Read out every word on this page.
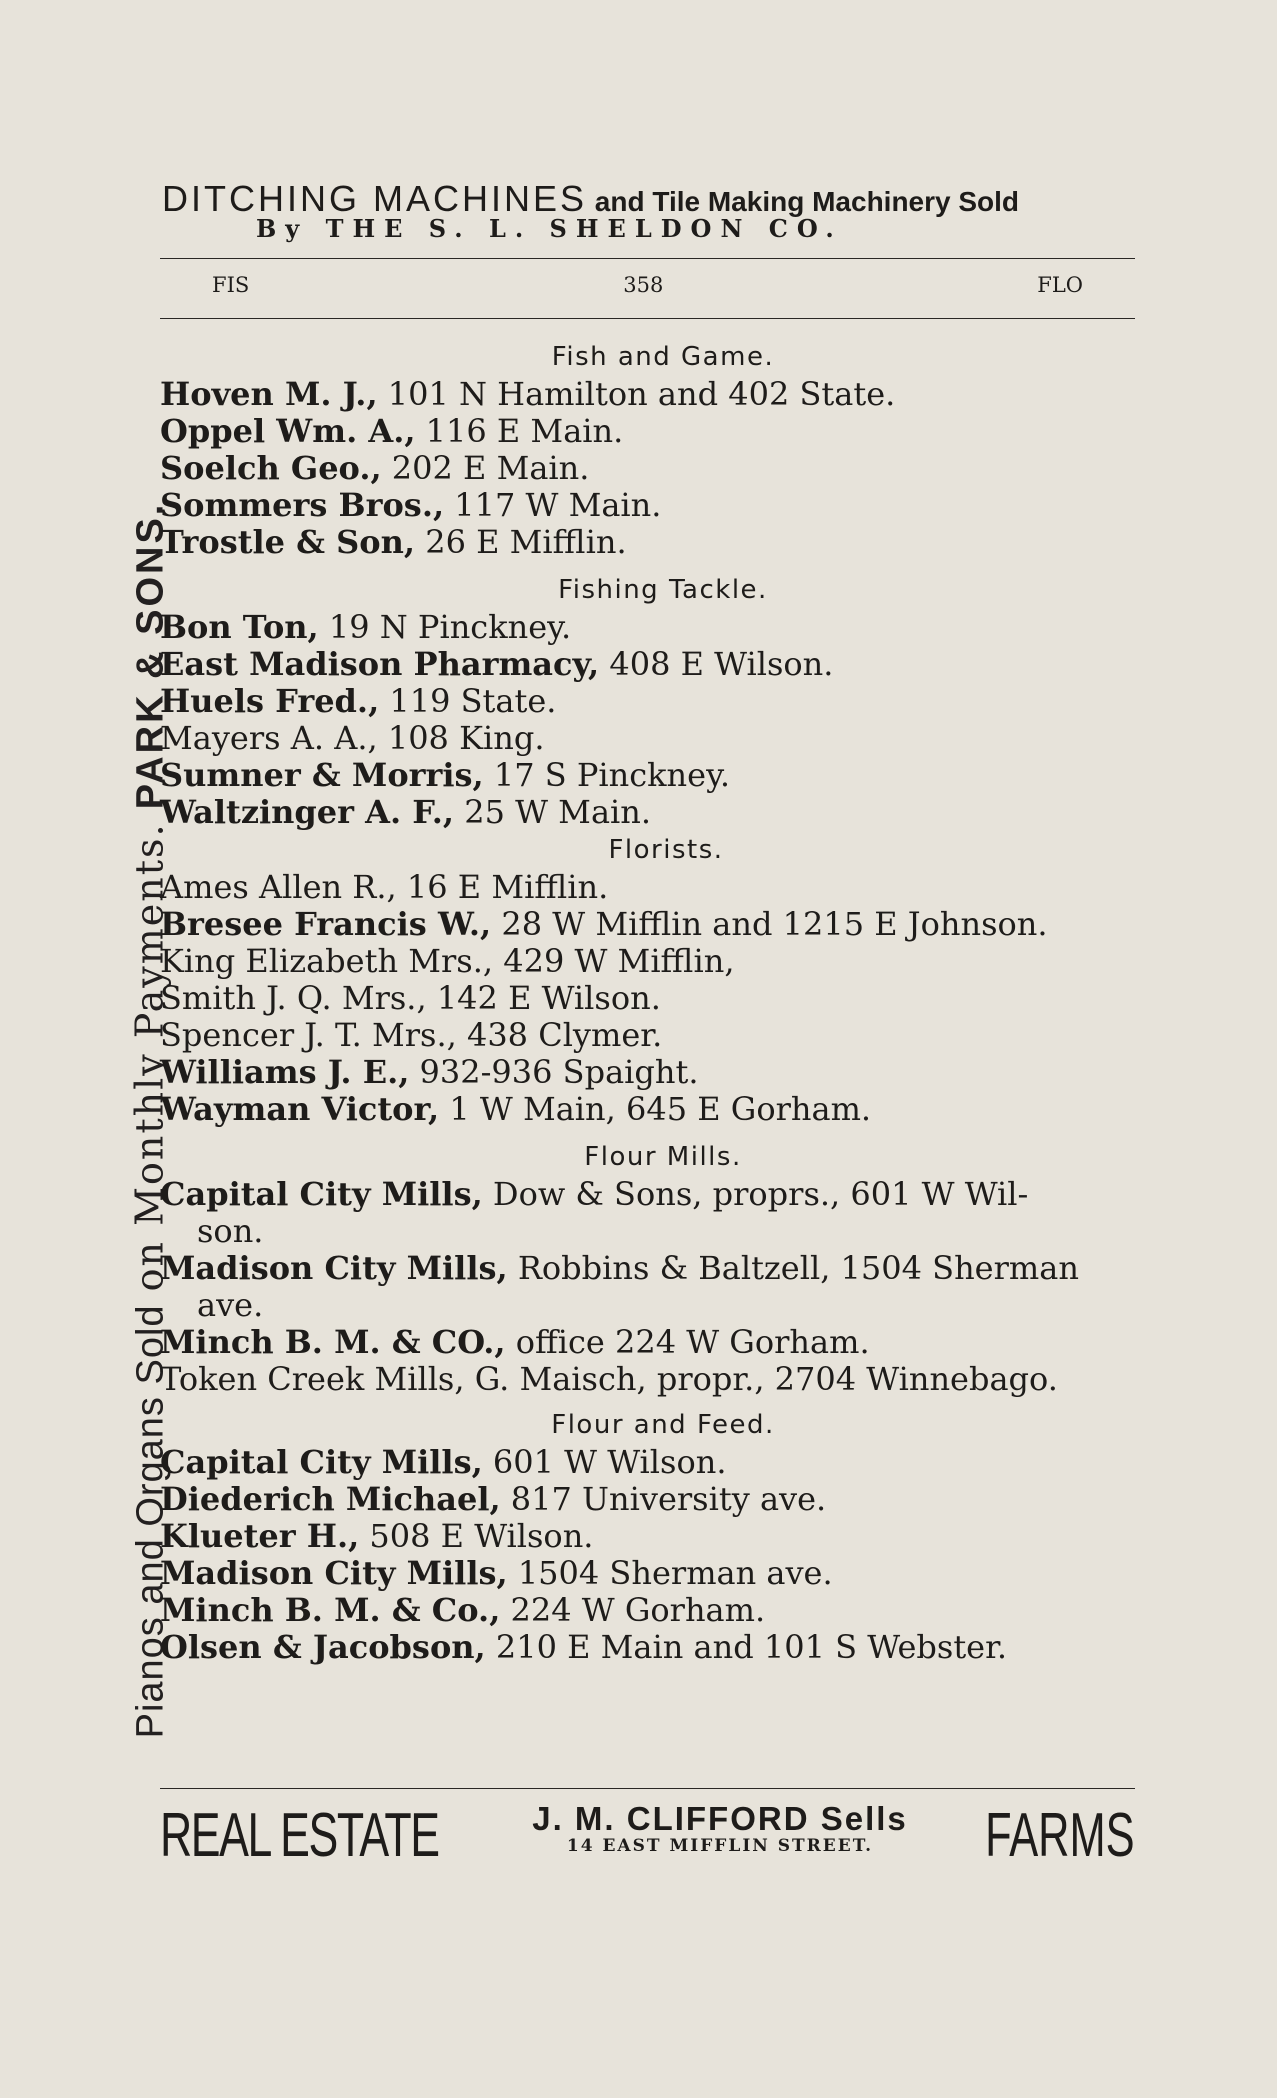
Pianos and Organs Sold on Monthly Payments. PARK & SONS.
DITCHING MACHINES and Tile Making Machinery Sold
By THE S. L. SHELDON CO.
FIS	358	FLO
Fish and Game.
Hoven M. J., 101 N Hamilton and 402 State.
Oppel Wm. A., 116 E Main.
Soelch Geo., 202 E Main.
Sommers Bros., 117 W Main.
Trostle & Son, 26 E Mifflin.
Fishing Tackle.
Bon Ton, 19 N Pinckney.
East Madison Pharmacy, 408 E Wilson.
Huels Fred., 119 State.
Mayers A. A., 108 King.
Sumner & Morris, 17 S Pinckney.
Waltzinger A. F., 25 W Main.
Florists.
Ames Allen R., 16 E Mifflin.
Bresee Francis W., 28 W Mifflin and 1215 E Johnson.
King Elizabeth Mrs., 429 W Mifflin,
Smith J. Q. Mrs., 142 E Wilson.
Spencer J. T. Mrs., 438 Clymer.
Williams J. E., 932-936 Spaight.
Wayman Victor, 1 W Main, 645 E Gorham.
Flour Mills.
Capital City Mills, Dow & Sons, proprs., 601 W Wil-
son.
Madison City Mills, Robbins & Baltzell, 1504 Sherman
ave.
Minch B. M. & CO., office 224 W Gorham.
Token Creek Mills, G. Maisch, propr., 2704 Winnebago.
Flour and Feed.
Capital City Mills, 601 W Wilson.
Diederich Michael, 817 University ave.
Klueter H., 508 E Wilson.
Madison City Mills, 1504 Sherman ave.
Minch B. M. & Co., 224 W Gorham.
Olsen & Jacobson, 210 E Main and 101 S Webster.
REAL ESTATE	J. M. CLIFFORD Sells
14 EAST MIFFLIN STREET.	FARMS
